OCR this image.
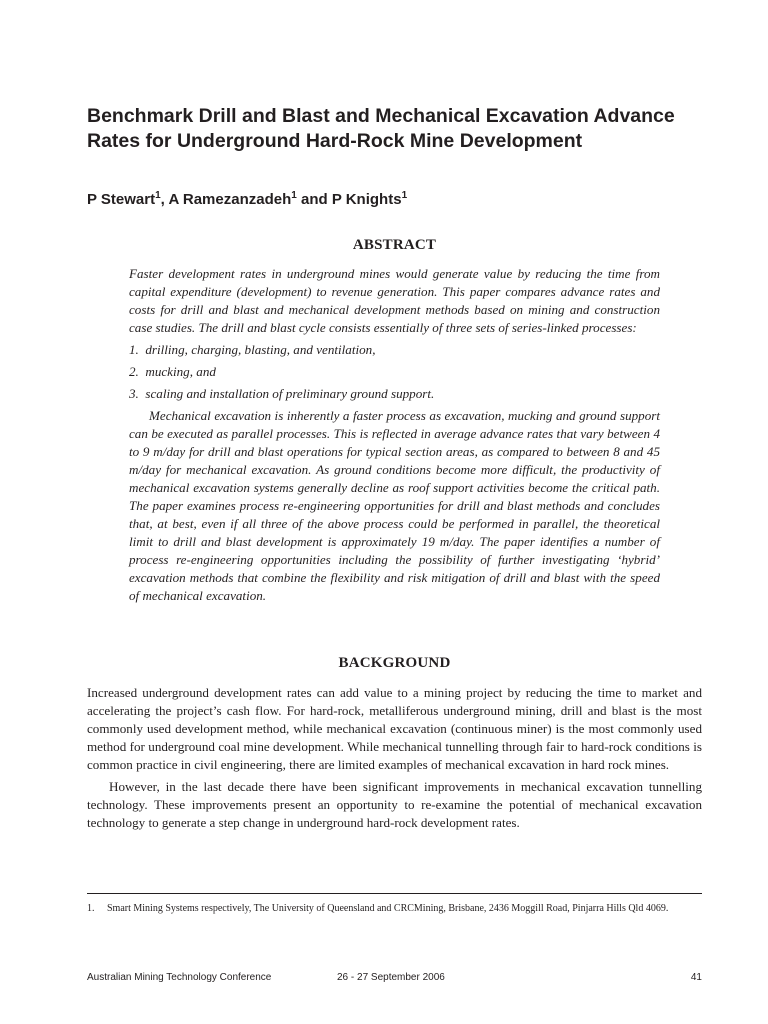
Benchmark Drill and Blast and Mechanical Excavation Advance Rates for Underground Hard-Rock Mine Development

P Stewart$^1$, A Ramezanzadeh$^1$ and P Knights$^1$

ABSTRACT

Faster development rates in underground mines would generate value by reducing the time from capital expenditure (development) to revenue generation. This paper compares advance rates and costs for drill and blast and mechanical development methods based on mining and construction case studies. The drill and blast cycle consists essentially of three sets of series-linked processes:

1.  drilling, charging, blasting, and ventilation,
2.  mucking, and
3.  scaling and installation of preliminary ground support.

Mechanical excavation is inherently a faster process as excavation, mucking and ground support can be executed as parallel processes. This is reflected in average advance rates that vary between 4 to 9 m/day for drill and blast operations for typical section areas, as compared to between 8 and 45 m/day for mechanical excavation. As ground conditions become more difficult, the productivity of mechanical excavation systems generally decline as roof support activities become the critical path. The paper examines process re-engineering opportunities for drill and blast methods and concludes that, at best, even if all three of the above process could be performed in parallel, the theoretical limit to drill and blast development is approximately 19 m/day. The paper identifies a number of process re-engineering opportunities including the possibility of further investigating ‘hybrid’ excavation methods that combine the flexibility and risk mitigation of drill and blast with the speed of mechanical excavation.

BACKGROUND

Increased underground development rates can add value to a mining project by reducing the time to market and accelerating the project’s cash flow. For hard-rock, metalliferous underground mining, drill and blast is the most commonly used development method, while mechanical excavation (continuous miner) is the most commonly used method for underground coal mine development. While mechanical tunnelling through fair to hard-rock conditions is common practice in civil engineering, there are limited examples of mechanical excavation in hard rock mines.

However, in the last decade there have been significant improvements in mechanical excavation tunnelling technology. These improvements present an opportunity to re-examine the potential of mechanical excavation technology to generate a step change in underground hard-rock development rates.

1.	Smart Mining Systems respectively, The University of Queensland and CRCMining, Brisbane, 2436 Moggill Road, Pinjarra Hills Qld 4069.
Australian Mining Technology Conference	26 - 27 September 2006	41
